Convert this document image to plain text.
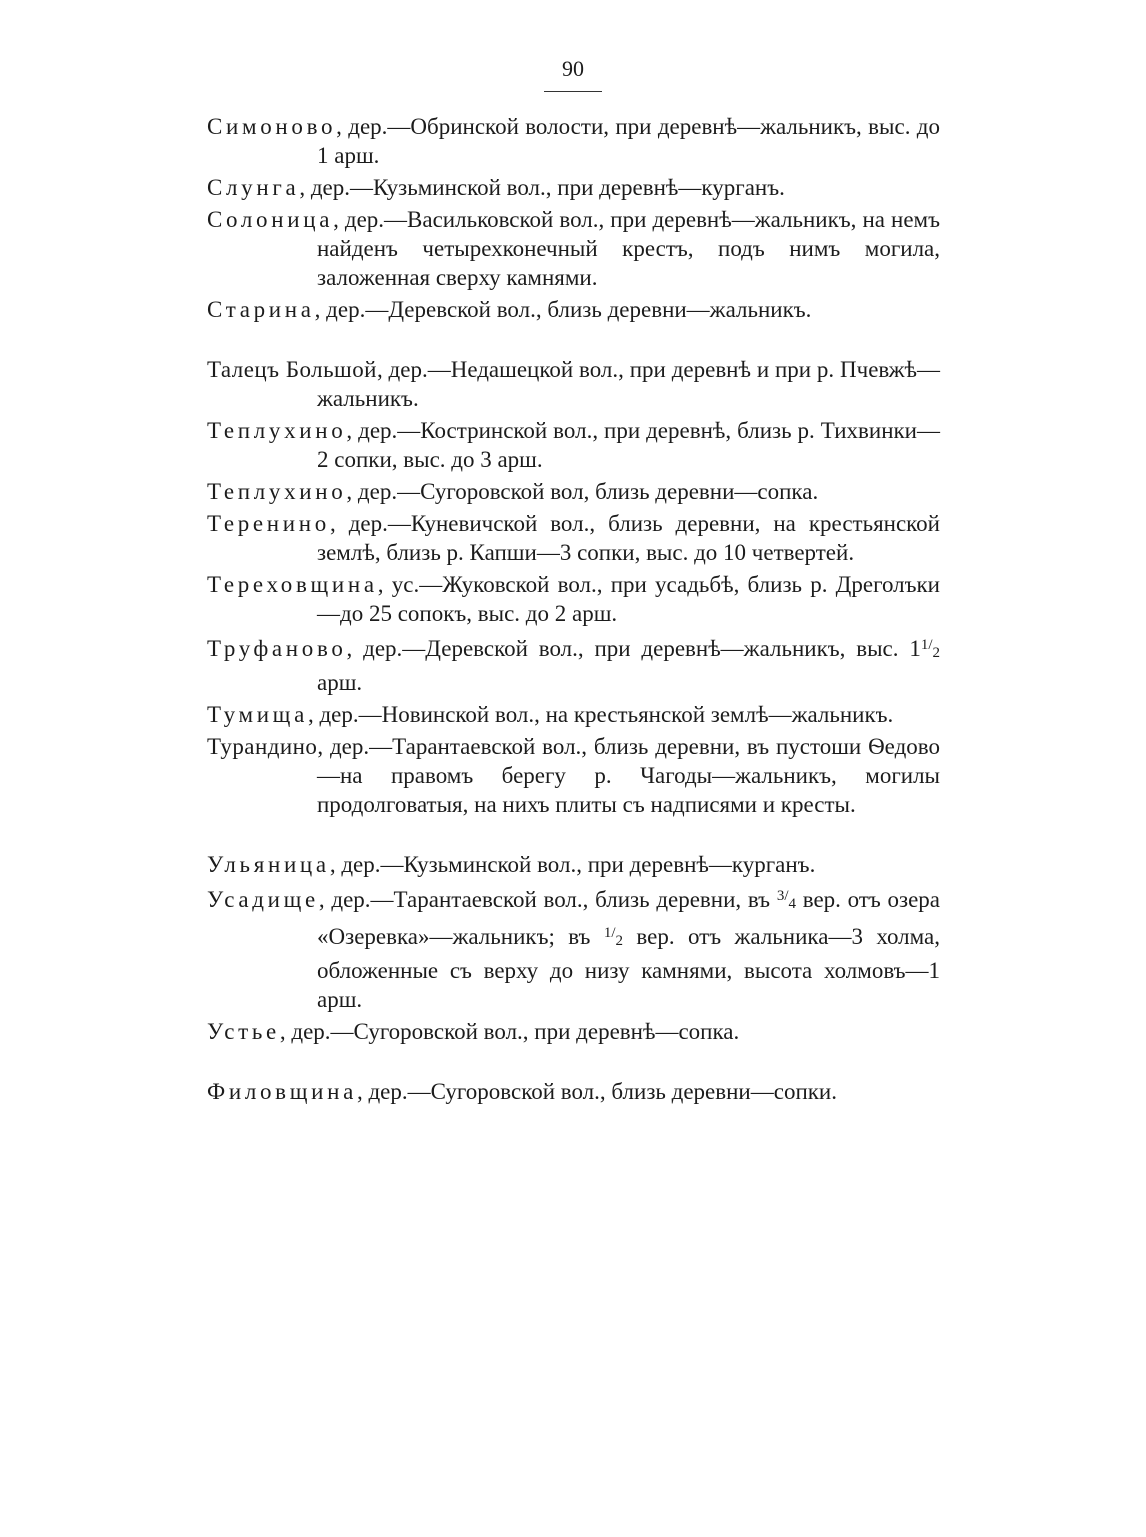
90

Симоново, дер.—Обринской волости, при деревнѣ—жальникъ, выс. до 1 арш.

Слунга, дер.—Кузьминской вол., при деревнѣ—курганъ.

Солоница, дер.—Васильковской вол., при деревнѣ—жальникъ, на немъ найденъ четырехконечный крестъ, подъ нимъ могила, заложенная сверху камнями.

Старина, дер.—Деревской вол., близь деревни—жальникъ.

Талецъ Большой, дер.—Недашецкой вол., при деревнѣ и при р. Пчевжѣ—жальникъ.

Теплухино, дер.—Костринской вол., при деревнѣ, близь р. Тихвинки—2 сопки, выс. до 3 арш.

Теплухино, дер.—Сугоровской вол, близь деревни—сопка.

Теренино, дер.—Куневичской вол., близь деревни, на крестьянской землѣ, близь р. Капши—3 сопки, выс. до 10 четвертей.

Тереховщина, ус.—Жуковской вол., при усадьбѣ, близь р. Дреголъки—до 25 сопокъ, выс. до 2 арш.

Труфаново, дер.—Деревской вол., при деревнѣ—жальникъ, выс. $1^{1/2}$ арш.

Тумища, дер.—Новинской вол., на крестьянской землѣ—жальникъ.

Турандино, дер.—Тарантаевской вол., близь деревни, въ пустоши Ѳедово—на правомъ берегу р. Чагоды—жальникъ, могилы продолговатыя, на нихъ плиты съ надписями и кресты.

Ульяница, дер.—Кузьминской вол., при деревнѣ—курганъ.

Усадище, дер.—Тарантаевской вол., близь деревни, въ $^{3/4}$ вер. отъ озера «Озеревка»—жальникъ; въ $^{1/2}$ вер. отъ жальника—3 холма, обложенные съ верху до низу камнями, высота холмовъ—1 арш.

Устье, дер.—Сугоровской вол., при деревнѣ—сопка.

Филовщина, дер.—Сугоровской вол., близь деревни—сопки.
